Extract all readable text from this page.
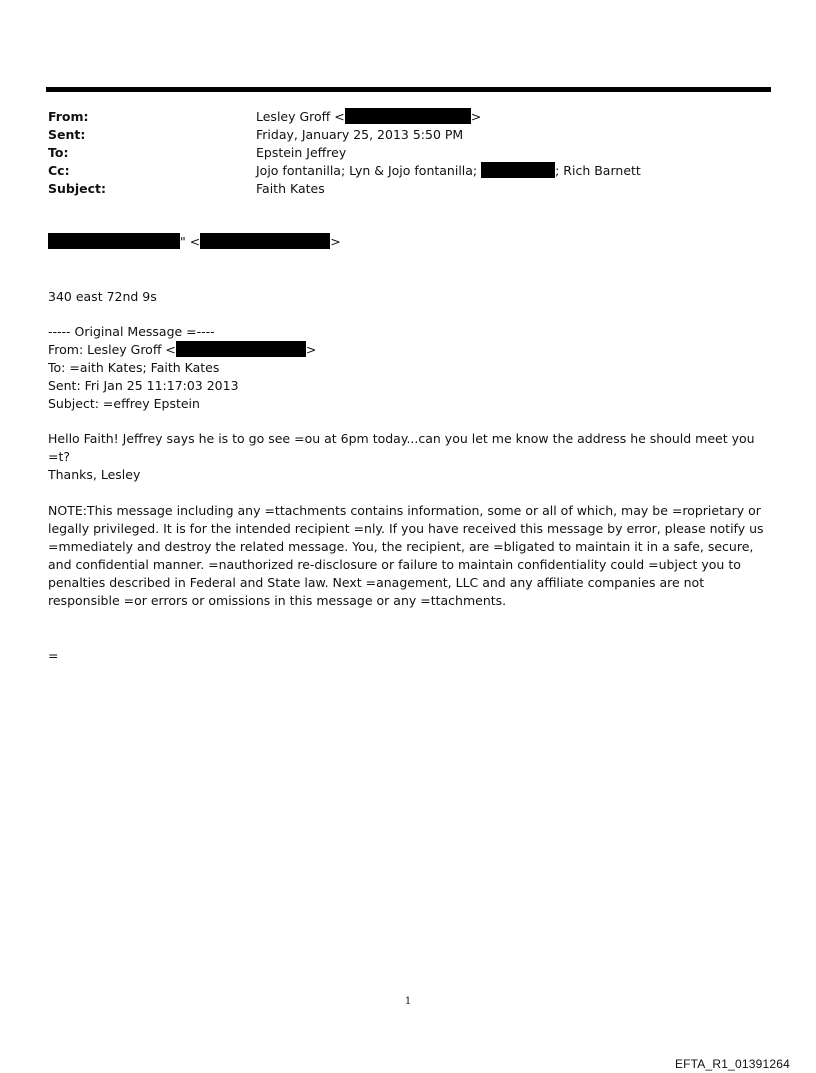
From:	Lesley Groff <	>
Sent:	Friday, January 25, 2013 5:50 PM
To:	Epstein Jeffrey
Cc:	Jojo fontanilla; Lyn & Jojo fontanilla;	; Rich Barnett
Subject:	Faith Kates
" <	>
340 east 72nd 9s
----- Original Message =----
From: Lesley Groff <	>
To: =aith Kates; Faith Kates
Sent: Fri Jan 25 11:17:03 2013
Subject: =effrey Epstein
Hello Faith! Jeffrey says he is to go see =ou at 6pm today...can you let me know the address he should meet you =t?
Thanks, Lesley
NOTE:This message including any =ttachments contains information, some or all of which, may be =roprietary or legally privileged. It is for the intended recipient =nly. If you have received this message by error, please notify us =mmediately and destroy the related message. You, the recipient, are =bligated to maintain it in a safe, secure, and confidential manner. =nauthorized re-disclosure or failure to maintain confidentiality could =ubject you to penalties described in Federal and State law. Next =anagement, LLC and any affiliate companies are not responsible =or errors or omissions in this message or any =ttachments.
=
1
EFTA_R1_01391264
